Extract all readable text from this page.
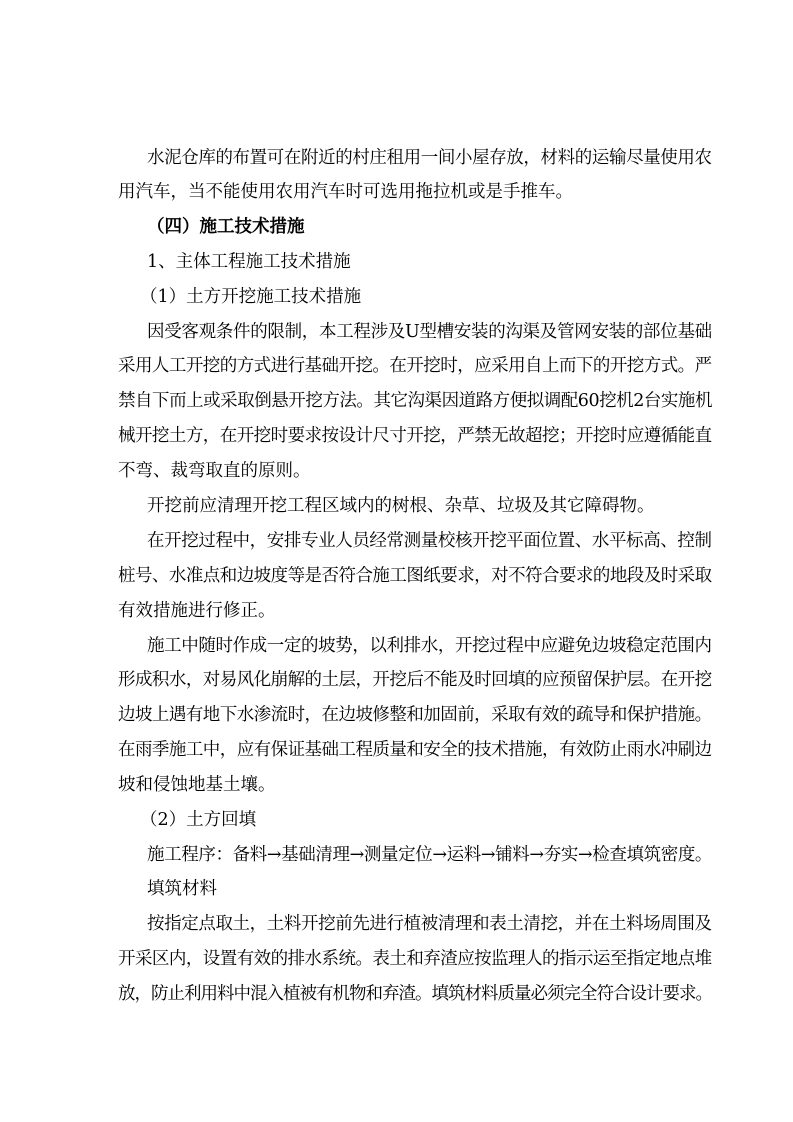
水泥仓库的布置可在附近的村庄租用一间小屋存放，材料的运输尽量使用农
用汽车，当不能使用农用汽车时可选用拖拉机或是手推车。
（四）施工技术措施
1、主体工程施工技术措施
（1）土方开挖施工技术措施
因受客观条件的限制，本工程涉及U型槽安装的沟渠及管网安装的部位基础
采用人工开挖的方式进行基础开挖。在开挖时，应采用自上而下的开挖方式。严
禁自下而上或采取倒悬开挖方法。其它沟渠因道路方便拟调配60挖机2台实施机
械开挖土方，在开挖时要求按设计尺寸开挖，严禁无故超挖；开挖时应遵循能直
不弯、裁弯取直的原则。
开挖前应清理开挖工程区域内的树根、杂草、垃圾及其它障碍物。
在开挖过程中，安排专业人员经常测量校核开挖平面位置、水平标高、控制
桩号、水准点和边坡度等是否符合施工图纸要求，对不符合要求的地段及时采取
有效措施进行修正。
施工中随时作成一定的坡势，以利排水，开挖过程中应避免边坡稳定范围内
形成积水，对易风化崩解的土层，开挖后不能及时回填的应预留保护层。在开挖
边坡上遇有地下水渗流时，在边坡修整和加固前，采取有效的疏导和保护措施。
在雨季施工中，应有保证基础工程质量和安全的技术措施，有效防止雨水冲刷边
坡和侵蚀地基土壤。
（2）土方回填
施工程序：备料→基础清理→测量定位→运料→铺料→夯实→检查填筑密度。
填筑材料
按指定点取土，土料开挖前先进行植被清理和表土清挖，并在土料场周围及
开采区内，设置有效的排水系统。表土和弃渣应按监理人的指示运至指定地点堆
放，防止利用料中混入植被有机物和弃渣。填筑材料质量必须完全符合设计要求。
